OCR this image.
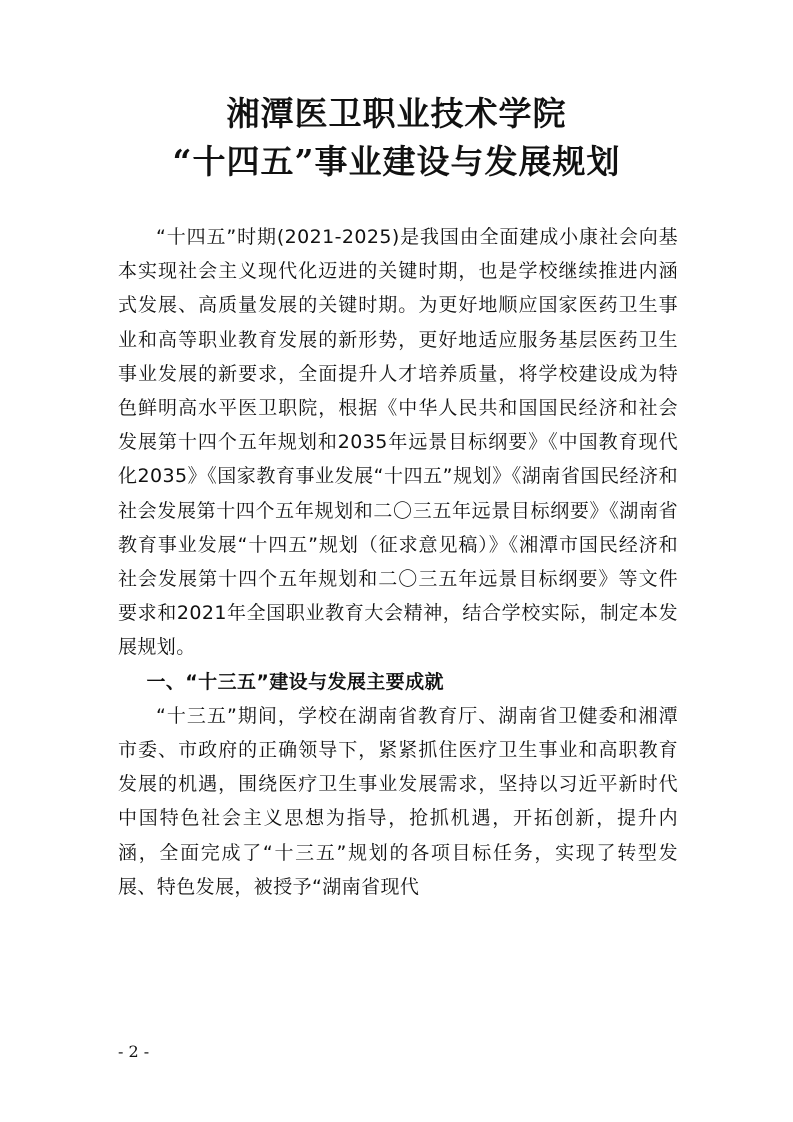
湘潭医卫职业技术学院
“十四五”事业建设与发展规划

“十四五”时期(2021-2025)是我国由全面建成小康社会向基本实现社会主义现代化迈进的关键时期，也是学校继续推进内涵式发展、高质量发展的关键时期。为更好地顺应国家医药卫生事业和高等职业教育发展的新形势，更好地适应服务基层医药卫生事业发展的新要求，全面提升人才培养质量，将学校建设成为特色鲜明高水平医卫职院，根据《中华人民共和国国民经济和社会发展第十四个五年规划和2035年远景目标纲要》《中国教育现代化2035》《国家教育事业发展“十四五”规划》《湖南省国民经济和社会发展第十四个五年规划和二〇三五年远景目标纲要》《湖南省教育事业发展“十四五”规划（征求意见稿）》《湘潭市国民经济和社会发展第十四个五年规划和二〇三五年远景目标纲要》等文件要求和2021年全国职业教育大会精神，结合学校实际，制定本发展规划。

一、“十三五”建设与发展主要成就

“十三五”期间，学校在湖南省教育厅、湖南省卫健委和湘潭市委、市政府的正确领导下，紧紧抓住医疗卫生事业和高职教育发展的机遇，围绕医疗卫生事业发展需求，坚持以习近平新时代中国特色社会主义思想为指导，抢抓机遇，开拓创新，提升内涵，全面完成了“十三五”规划的各项目标任务，实现了转型发展、特色发展，被授予“湖南省现代

- 2 -
